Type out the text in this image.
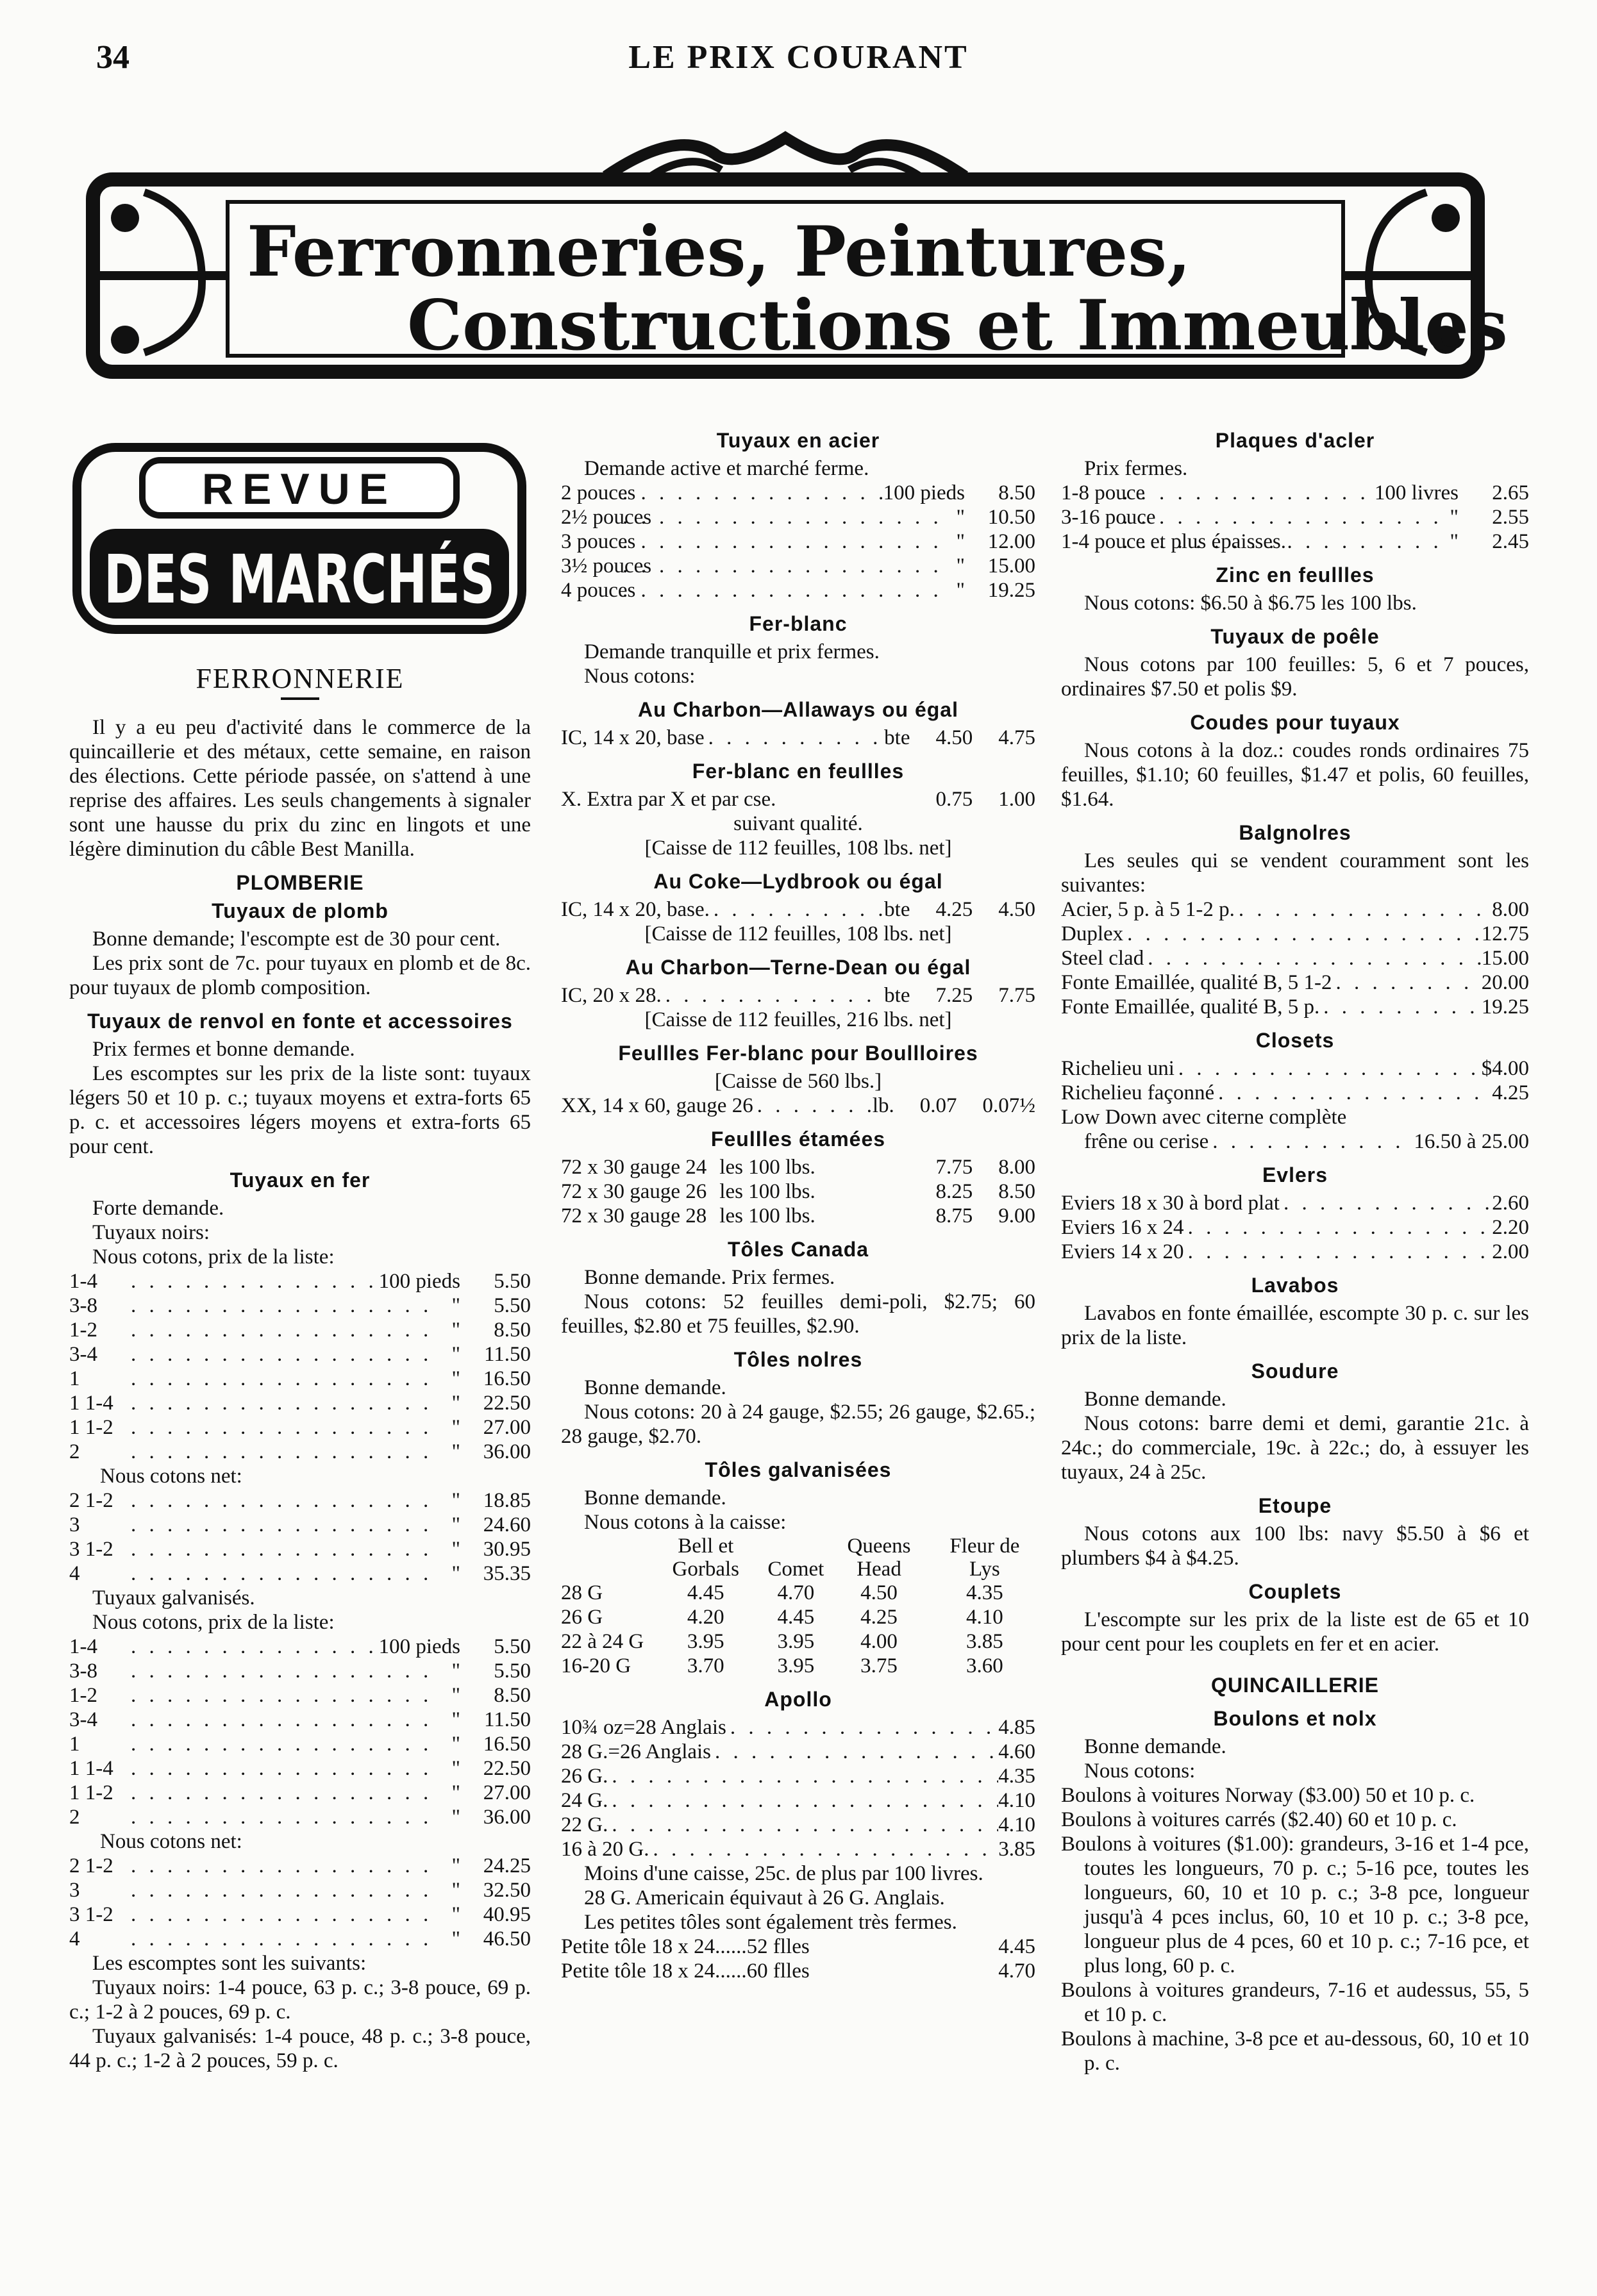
34	LE PRIX COURANT
Ferronneries, Peintures,
Constructions et Immeubles
REVUE
DES MARCHÉS
FERRONNERIE

Il y a eu peu d'activité dans le commerce de la quincaillerie et des métaux, cette semaine, en raison des élections. Cette période passée, on s'attend à une reprise des affaires. Les seuls changements à signaler sont une hausse du prix du zinc en lingots et une légère diminution du câble Best Manilla.

PLOMBERIE
Tuyaux de plomb

Bonne demande; l'escompte est de 30 pour cent.

Les prix sont de 7c. pour tuyaux en plomb et de 8c. pour tuyaux de plomb composition.

Tuyaux de renvol en fonte et accessoires

Prix fermes et bonne demande.

Les escomptes sur les prix de la liste sont: tuyaux légers 50 et 10 p. c.; tuyaux moyens et extra-forts 65 p. c. et accessoires légers moyens et extra-forts 65 pour cent.

Tuyaux en fer

Forte demande.

Tuyaux noirs:

Nous cotons, prix de la liste:

1-4 . . .	100 pieds	5.50
3-8 . . .	"	5.50
1-2 . . .	"	8.50
3-4 . . .	"	11.50
1 . . .	"	16.50
1 1-4 . . .	"	22.50
1 1-2 . . .	"	27.00
2 . . .	"	36.00

Nous cotons net:

2 1-2 . . .	"	18.85
3 . . .	"	24.60
3 1-2 . . .	"	30.95
4 . . .	"	35.35

Tuyaux galvanisés.

Nous cotons, prix de la liste:

1-4 . . .	100 pieds	5.50
3-8 . . .	"	5.50
1-2 . . .	"	8.50
3-4 . . .	"	11.50
1 . . .	"	16.50
1 1-4 . . .	"	22.50
1 1-2 . . .	"	27.00
2 . . .	"	36.00

Nous cotons net:

2 1-2 . . .	"	24.25
3 . . .	"	32.50
3 1-2 . . .	"	40.95
4 . . .	"	46.50

Les escomptes sont les suivants:

Tuyaux noirs: 1-4 pouce, 63 p. c.; 3-8 pouce, 69 p. c.; 1-2 à 2 pouces, 69 p. c.

Tuyaux galvanisés: 1-4 pouce, 48 p. c.; 3-8 pouce, 44 p. c.; 1-2 à 2 pouces, 59 p. c.

Tuyaux en acier

Demande active et marché ferme.

2 pouces . . .	100 pieds	8.50
2½ pouces . . .	"	10.50
3 pouces . . .	"	12.00
3½ pouces . . .	"	15.00
4 pouces . . .	"	19.25
Fer-blanc

Demande tranquille et prix fermes.

Nous cotons:

Au Charbon—Allaways ou égal
IC, 14 x 20, base . . .	bte	4.50	4.75
Fer-blanc en feullles
X. Extra par X et par cse.	0.75	1.00

suivant qualité.

[Caisse de 112 feuilles, 108 lbs. net]

Au Coke—Lydbrook ou égal
IC, 14 x 20, base. . . .	bte	4.25	4.50

[Caisse de 112 feuilles, 108 lbs. net]

Au Charbon—Terne-Dean ou égal
IC, 20 x 28. . . .	bte	7.25	7.75

[Caisse de 112 feuilles, 216 lbs. net]

Feullles Fer-blanc pour Boullloires

[Caisse de 560 lbs.]

XX, 14 x 60, gauge 26 . . .	lb.	0.07	0.07½
Feullles étamées
72 x 30 gauge 24 les 100 lbs.	7.75	8.00
72 x 30 gauge 26 les 100 lbs.	8.25	8.50
72 x 30 gauge 28 les 100 lbs.	8.75	9.00
Tôles Canada

Bonne demande. Prix fermes.

Nous cotons: 52 feuilles demi-poli, $2.75; 60 feuilles, $2.80 et 75 feuilles, $2.90.

Tôles nolres

Bonne demande.

Nous cotons: 20 à 24 gauge, $2.55; 26 gauge, $2.65.; 28 gauge, $2.70.

Tôles galvanisées

Bonne demande.

Nous cotons à la caisse:

	Bell et Gorbals	Comet	Queens Head	Fleur de Lys
28 G	4.45	4.70	4.50	4.35
26 G	4.20	4.45	4.25	4.10
22 à 24 G	3.95	3.95	4.00	3.85
16-20 G	3.70	3.95	3.75	3.60
Apollo
10¾ oz=28 Anglais . . .	4.85
28 G.=26 Anglais . . .	4.60
26 G. . . .	4.35
24 G. . . .	4.10
22 G. . . .	4.10
16 à 20 G. . . .	3.85

Moins d'une caisse, 25c. de plus par 100 livres.

28 G. Americain équivaut à 26 G. Anglais.

Les petites tôles sont également très fermes.

Petite tôle 18 x 24......52 flles	4.45
Petite tôle 18 x 24......60 flles	4.70
Plaques d'acler

Prix fermes.

1-8 pouce . . .	100 livres	2.65
3-16 pouce . . .	"	2.55
1-4 pouce et plus épaisses. . . .	"	2.45
Zinc en feullles

Nous cotons: $6.50 à $6.75 les 100 lbs.

Tuyaux de poêle

Nous cotons par 100 feuilles: 5, 6 et 7 pouces, ordinaires $7.50 et polis $9.

Coudes pour tuyaux

Nous cotons à la doz.: coudes ronds ordinaires 75 feuilles, $1.10; 60 feuilles, $1.47 et polis, 60 feuilles, $1.64.

Balgnolres

Les seules qui se vendent couramment sont les suivantes:

Acier, 5 p. à 5 1-2 p. . . .	8.00
Duplex . . .	12.75
Steel clad . . .	15.00
Fonte Emaillée, qualité B, 5 1-2 . . .	20.00
Fonte Emaillée, qualité B, 5 p. . . .	19.25
Closets
Richelieu uni . . .	$4.00
Richelieu façonné . . .	4.25

Low Down avec citerne complète

frêne ou cerise . . .	16.50 à 25.00
Evlers
Eviers 18 x 30 à bord plat . . .	2.60
Eviers 16 x 24 . . .	2.20
Eviers 14 x 20 . . .	2.00
Lavabos

Lavabos en fonte émaillée, escompte 30 p. c. sur les prix de la liste.

Soudure

Bonne demande.

Nous cotons: barre demi et demi, garantie 21c. à 24c.; do commerciale, 19c. à 22c.; do, à essuyer les tuyaux, 24 à 25c.

Etoupe

Nous cotons aux 100 lbs: navy $5.50 à $6 et plumbers $4 à $4.25.

Couplets

L'escompte sur les prix de la liste est de 65 et 10 pour cent pour les couplets en fer et en acier.

QUINCAILLERIE
Boulons et nolx

Bonne demande.

Nous cotons:

Boulons à voitures Norway ($3.00) 50 et 10 p. c.

Boulons à voitures carrés ($2.40) 60 et 10 p. c.

Boulons à voitures ($1.00): grandeurs, 3-16 et 1-4 pce, toutes les longueurs, 70 p. c.; 5-16 pce, toutes les longueurs, 60, 10 et 10 p. c.; 3-8 pce, longueur jusqu'à 4 pces inclus, 60, 10 et 10 p. c.; 3-8 pce, longueur plus de 4 pces, 60 et 10 p. c.; 7-16 pce, et plus long, 60 p. c.

Boulons à voitures grandeurs, 7-16 et audessus, 55, 5 et 10 p. c.

Boulons à machine, 3-8 pce et au-dessous, 60, 10 et 10 p. c.
